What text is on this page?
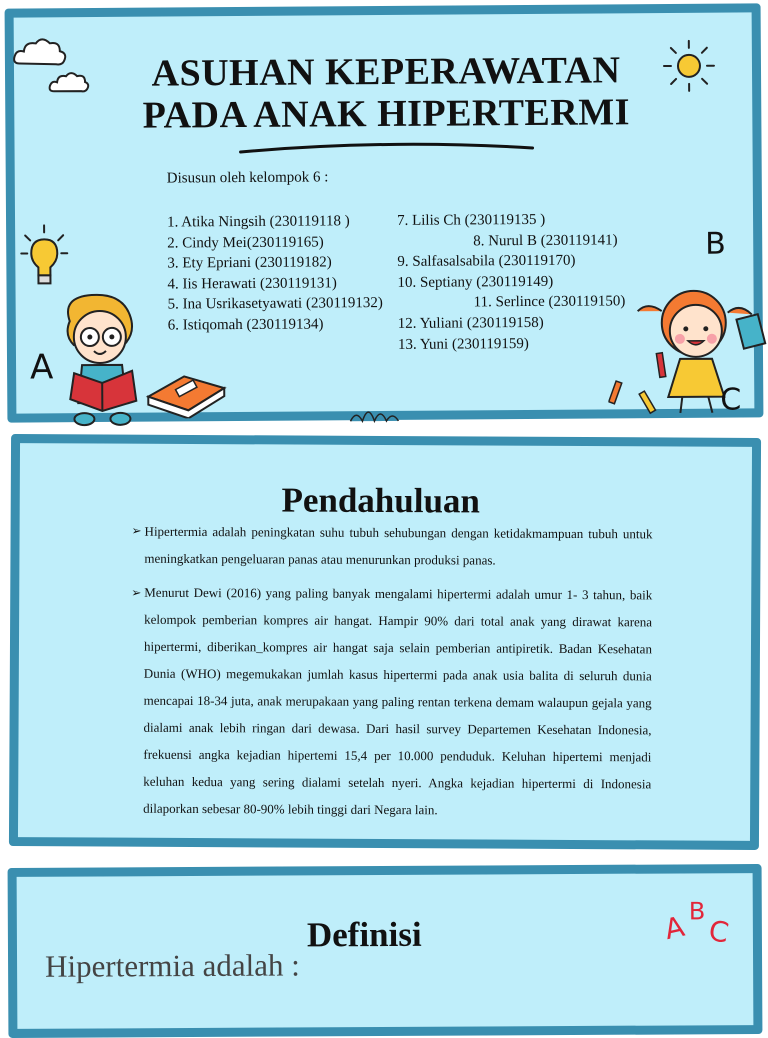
ASUHAN KEPERAWATAN
PADA ANAK HIPERTERMI
Disusun oleh kelompok 6 :
1. Atika Ningsih (230119118 )
2. Cindy Mei(230119165)
3. Ety Epriani (230119182)
4. Iis Herawati (230119131)
5. Ina Usrikasetyawati (230119132)
6. Istiqomah (230119134)
7. Lilis Ch (230119135 )
8. Nurul B (230119141)
9. Salfasalsabila (230119170)
10. Septiany (230119149)
11. Serlince (230119150)
12. Yuliani (230119158)
13. Yuni (230119159)
A
B
C
Pendahuluan
➢ Hipertermia adalah peningkatan suhu tubuh sehubungan dengan ketidakmampuan tubuh untuk meningkatkan pengeluaran panas atau menurunkan produksi panas.
➢ Menurut Dewi (2016) yang paling banyak mengalami hipertermi adalah umur 1- 3 tahun, baik kelompok pemberian kompres air hangat. Hampir 90% dari total anak yang dirawat karena hipertermi, diberikan_kompres air hangat saja selain pemberian antipiretik. Badan Kesehatan Dunia (WHO) megemukakan jumlah kasus hipertermi pada anak usia balita di seluruh dunia mencapai 18-34 juta, anak merupakaan yang paling rentan terkena demam walaupun gejala yang dialami anak lebih ringan dari dewasa. Dari hasil survey Departemen Kesehatan Indonesia, frekuensi angka kejadian hipertemi 15,4 per 10.000 penduduk. Keluhan hipertemi menjadi keluhan kedua yang sering dialami setelah nyeri. Angka kejadian hipertermi di Indonesia dilaporkan sebesar 80-90% lebih tinggi dari Negara lain.
Definisi
Hipertermia adalah :
A B
C
